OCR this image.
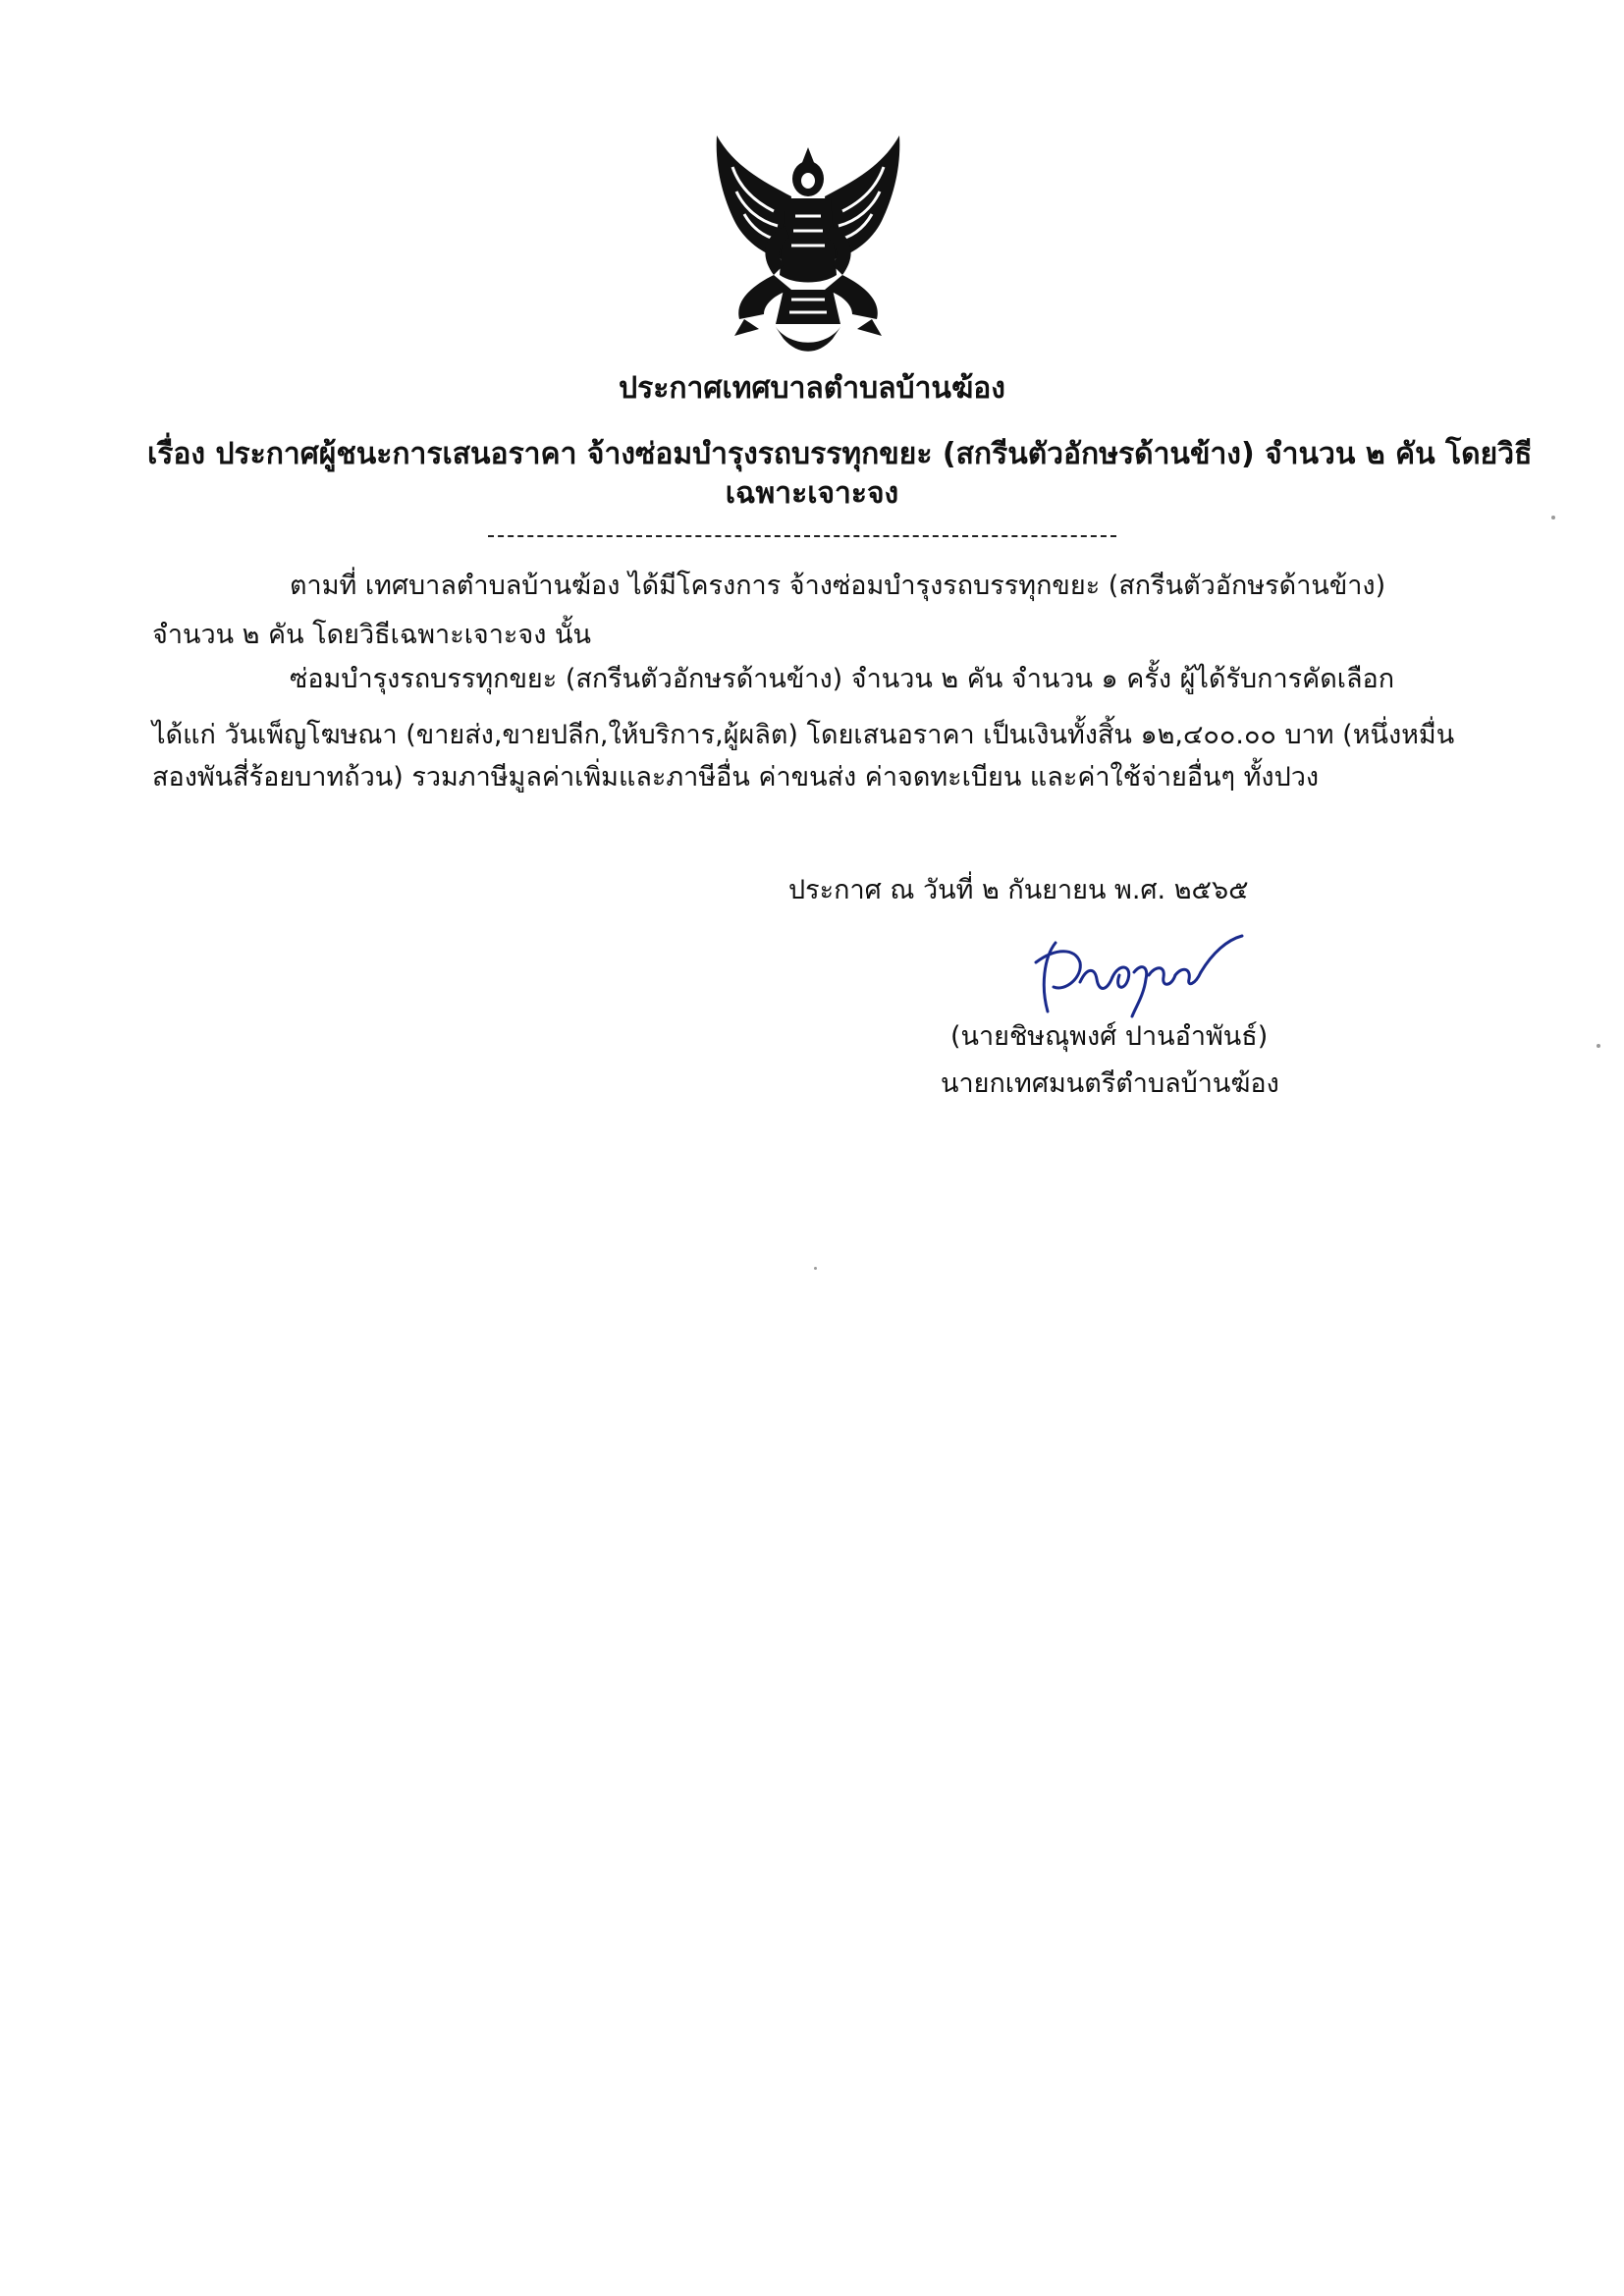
ประกาศเทศบาลตำบลบ้านฆ้อง
เรื่อง ประกาศผู้ชนะการเสนอราคา จ้างซ่อมบำรุงรถบรรทุกขยะ (สกรีนตัวอักษรด้านข้าง) จำนวน ๒ คัน โดยวิธี
เฉพาะเจาะจง
ตามที่ เทศบาลตำบลบ้านฆ้อง ได้มีโครงการ จ้างซ่อมบำรุงรถบรรทุกขยะ (สกรีนตัวอักษรด้านข้าง)
จำนวน ๒ คัน โดยวิธีเฉพาะเจาะจง นั้น
ซ่อมบำรุงรถบรรทุกขยะ (สกรีนตัวอักษรด้านข้าง) จำนวน ๒ คัน จำนวน ๑ ครั้ง ผู้ได้รับการคัดเลือก
ได้แก่ วันเพ็ญโฆษณา (ขายส่ง,ขายปลีก,ให้บริการ,ผู้ผลิต) โดยเสนอราคา เป็นเงินทั้งสิ้น ๑๒,๔๐๐.๐๐ บาท (หนึ่งหมื่น
สองพันสี่ร้อยบาทถ้วน) รวมภาษีมูลค่าเพิ่มและภาษีอื่น ค่าขนส่ง ค่าจดทะเบียน และค่าใช้จ่ายอื่นๆ ทั้งปวง
ประกาศ ณ วันที่ ๒ กันยายน พ.ศ. ๒๕๖๕
(นายชิษณุพงศ์ ปานอำพันธ์)
นายกเทศมนตรีตำบลบ้านฆ้อง
